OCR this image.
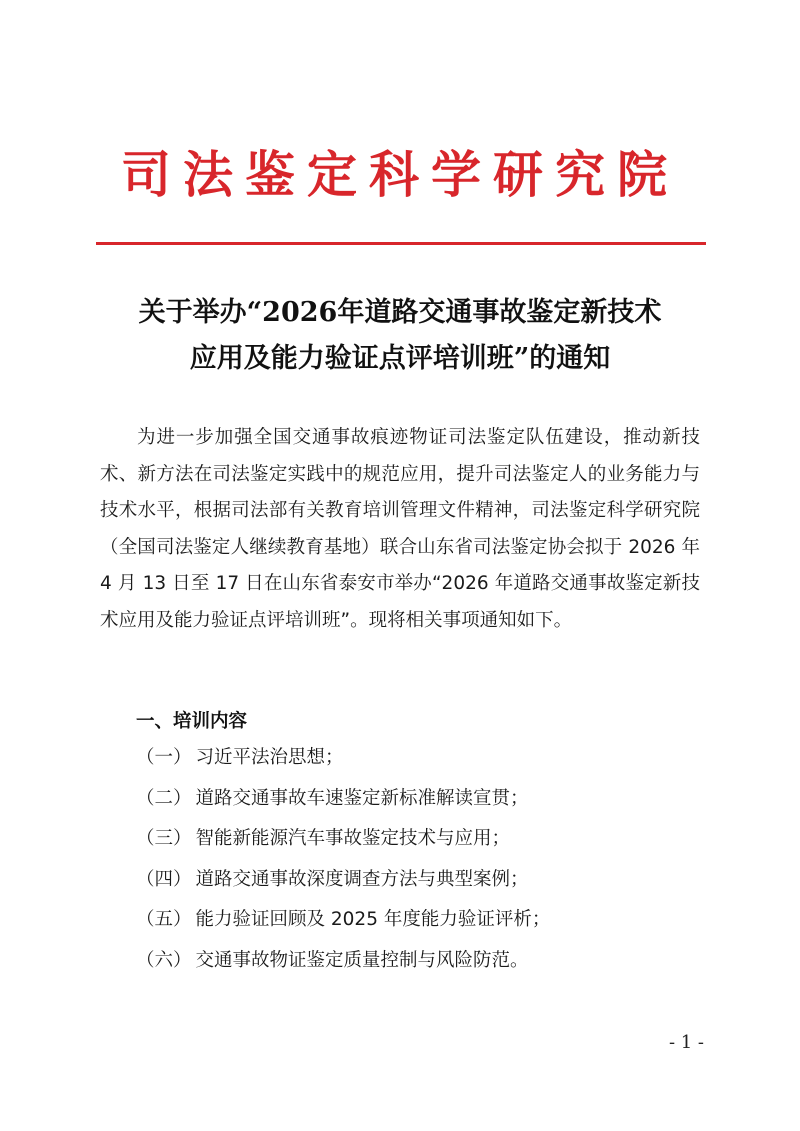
司法鉴定科学研究院
关于举办“2026年道路交通事故鉴定新技术
应用及能力验证点评培训班”的通知

为进一步加强全国交通事故痕迹物证司法鉴定队伍建设，推动新技术、新方法在司法鉴定实践中的规范应用，提升司法鉴定人的业务能力与技术水平，根据司法部有关教育培训管理文件精神，司法鉴定科学研究院（全国司法鉴定人继续教育基地）联合山东省司法鉴定协会拟于 2026 年 4 月 13 日至 17 日在山东省泰安市举办“2026 年道路交通事故鉴定新技术应用及能力验证点评培训班”。现将相关事项通知如下。

一、培训内容
（一） 习近平法治思想；
（二） 道路交通事故车速鉴定新标准解读宣贯；
（三） 智能新能源汽车事故鉴定技术与应用；
（四） 道路交通事故深度调查方法与典型案例；
（五） 能力验证回顾及 2025 年度能力验证评析；
（六） 交通事故物证鉴定质量控制与风险防范。
- 1 -
